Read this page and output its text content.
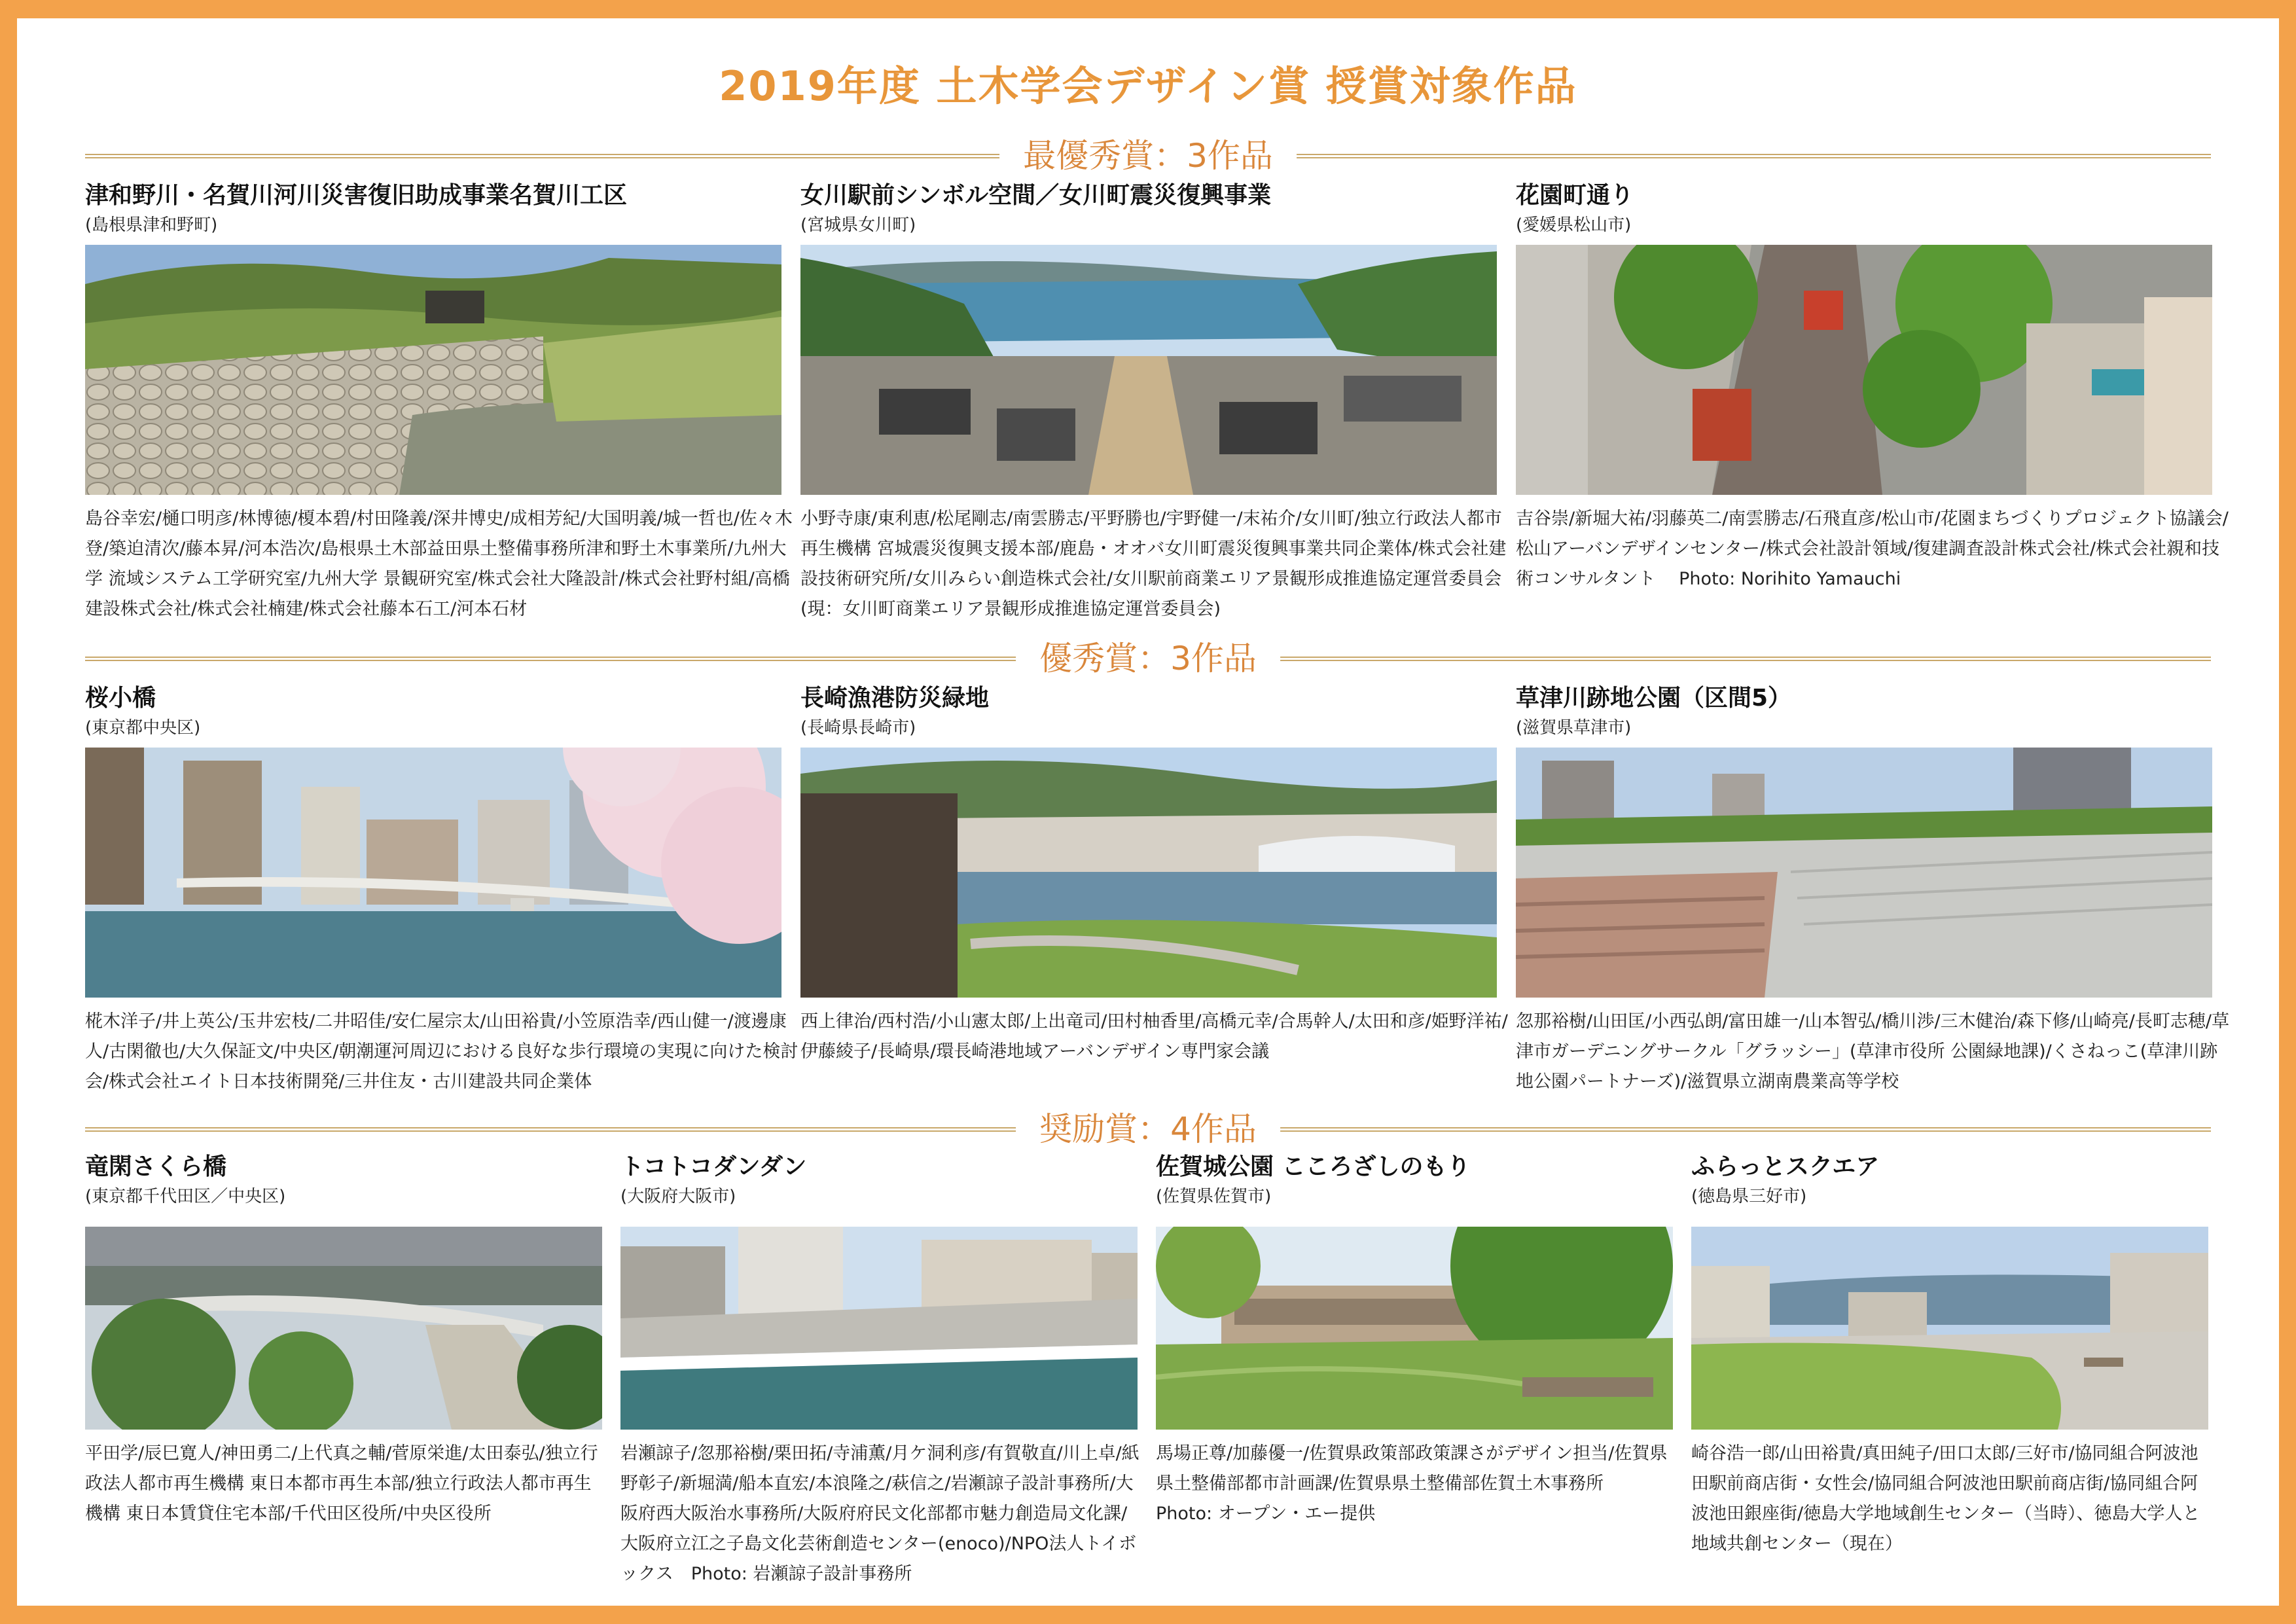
2019年度 土木学会デザイン賞 授賞対象作品
最優秀賞：3作品
津和野川・名賀川河川災害復旧助成事業名賀川工区
(島根県津和野町)
島谷幸宏/樋口明彦/林博徳/榎本碧/村田隆義/深井博史/成相芳紀/大国明義/城一哲也/佐々木登/築迫清次/藤本昇/河本浩次/島根県土木部益田県土整備事務所津和野土木事業所/九州大学 流域システム工学研究室/九州大学 景観研究室/株式会社大隆設計/株式会社野村組/高橋建設株式会社/株式会社楠建/株式会社藤本石工/河本石材
女川駅前シンボル空間／女川町震災復興事業
(宮城県女川町)
小野寺康/東利恵/松尾剛志/南雲勝志/平野勝也/宇野健一/末祐介/女川町/独立行政法人都市再生機構 宮城震災復興支援本部/鹿島・オオバ女川町震災復興事業共同企業体/株式会社建設技術研究所/女川みらい創造株式会社/女川駅前商業エリア景観形成推進協定運営委員会(現：女川町商業エリア景観形成推進協定運営委員会)
花園町通り
(愛媛県松山市)
吉谷崇/新堀大祐/羽藤英二/南雲勝志/石飛直彦/松山市/花園まちづくりプロジェクト協議会/松山アーバンデザインセンター/株式会社設計領域/復建調査設計株式会社/株式会社親和技術コンサルタント　 Photo: Norihito Yamauchi
優秀賞：3作品
桜小橋
(東京都中央区)
椛木洋子/井上英公/玉井宏枝/二井昭佳/安仁屋宗太/山田裕貴/小笠原浩幸/西山健一/渡邊康人/古閑徹也/大久保証文/中央区/朝潮運河周辺における良好な歩行環境の実現に向けた検討会/株式会社エイト日本技術開発/三井住友・古川建設共同企業体
長崎漁港防災緑地
(長崎県長崎市)
西上律治/西村浩/小山憲太郎/上出竜司/田村柚香里/高橋元幸/合馬幹人/太田和彦/姫野洋祐/伊藤綾子/長崎県/環長崎港地域アーバンデザイン専門家会議
草津川跡地公園（区間5）
(滋賀県草津市)
忽那裕樹/山田匡/小西弘朗/富田雄一/山本智弘/橋川渉/三木健治/森下修/山崎亮/長町志穂/草津市ガーデニングサークル「グラッシー」(草津市役所 公園緑地課)/くさねっこ(草津川跡地公園パートナーズ)/滋賀県立湖南農業高等学校
奨励賞：4作品
竜閑さくら橋
(東京都千代田区／中央区)
平田学/辰巳寛人/神田勇二/上代真之輔/菅原栄進/太田泰弘/独立行政法人都市再生機構 東日本都市再生本部/独立行政法人都市再生機構 東日本賃貸住宅本部/千代田区役所/中央区役所
トコトコダンダン
(大阪府大阪市)
岩瀬諒子/忽那裕樹/栗田拓/寺浦薫/月ケ洞利彦/有賀敬直/川上卓/紙野彰子/新堀満/船本直宏/本浪隆之/萩信之/岩瀬諒子設計事務所/大阪府西大阪治水事務所/大阪府府民文化部都市魅力創造局文化課/大阪府立江之子島文化芸術創造センター(enoco)/NPO法人トイボックス　Photo: 岩瀬諒子設計事務所
佐賀城公園 こころざしのもり
(佐賀県佐賀市)
馬場正尊/加藤優一/佐賀県政策部政策課さがデザイン担当/佐賀県県土整備部都市計画課/佐賀県県土整備部佐賀土木事務所　 Photo: オープン・エー提供
ふらっとスクエア
(徳島県三好市)
崎谷浩一郎/山田裕貴/真田純子/田口太郎/三好市/協同組合阿波池田駅前商店街・女性会/協同組合阿波池田駅前商店街/協同組合阿波池田銀座街/徳島大学地域創生センター（当時）、徳島大学人と地域共創センター（現在）
